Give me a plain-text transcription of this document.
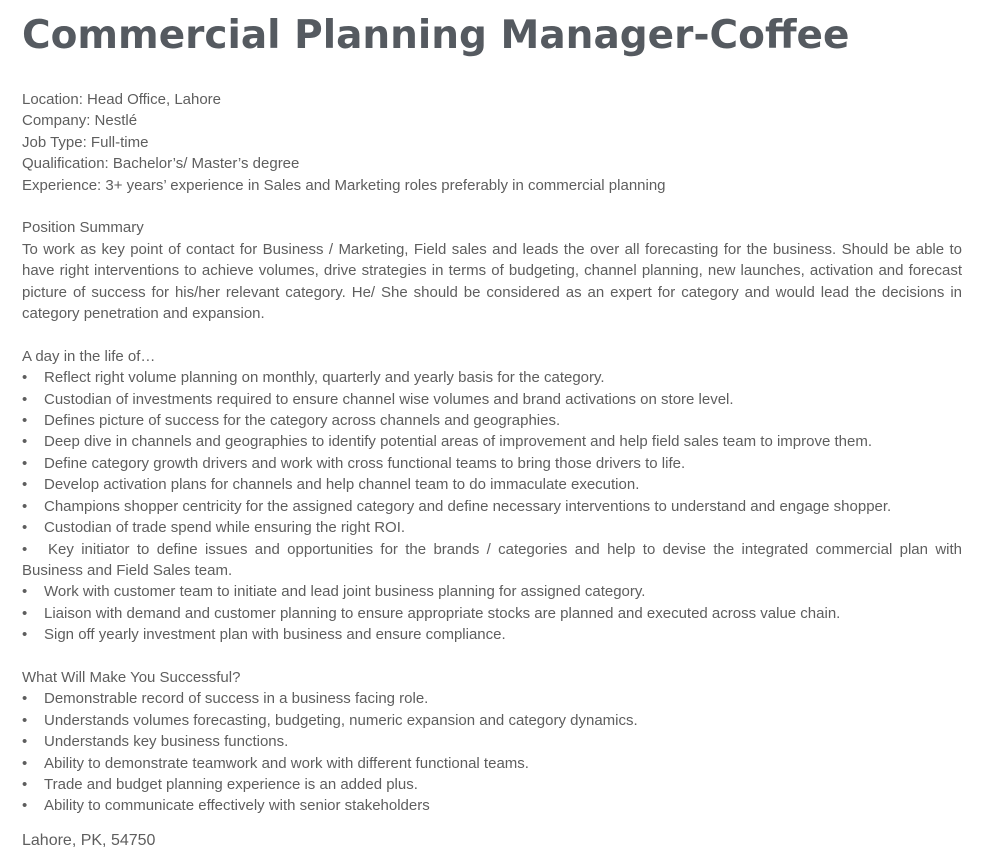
Commercial Planning Manager-Coffee
Location: Head Office, Lahore
Company: Nestlé
Job Type: Full-time
Qualification: Bachelor’s/ Master’s degree
Experience: 3+ years’ experience in Sales and Marketing roles preferably in commercial planning
Position Summary
To work as key point of contact for Business / Marketing, Field sales and leads the over all forecasting for the business. Should be able to have right interventions to achieve volumes, drive strategies in terms of budgeting, channel planning, new launches, activation and forecast picture of success for his/her relevant category. He/ She should be considered as an expert for category and would lead the decisions in category penetration and expansion.
A day in the life of…
•	Reflect right volume planning on monthly, quarterly and yearly basis for the category.
•	Custodian of investments required to ensure channel wise volumes and brand activations on store level.
•	Defines picture of success for the category across channels and geographies.
•	Deep dive in channels and geographies to identify potential areas of improvement and help field sales team to improve them.
•	Define category growth drivers and work with cross functional teams to bring those drivers to life.
•	Develop activation plans for channels and help channel team to do immaculate execution.
•	Champions shopper centricity for the assigned category and define necessary interventions to understand and engage shopper.
•	Custodian of trade spend while ensuring the right ROI.
• Key initiator to define issues and opportunities for the brands / categories and help to devise the integrated commercial plan with Business and Field Sales team.
•	Work with customer team to initiate and lead joint business planning for assigned category.
•	Liaison with demand and customer planning to ensure appropriate stocks are planned and executed across value chain.
•	Sign off yearly investment plan with business and ensure compliance.
What Will Make You Successful?
•	Demonstrable record of success in a business facing role.
•	Understands volumes forecasting, budgeting, numeric expansion and category dynamics.
•	Understands key business functions.
•	Ability to demonstrate teamwork and work with different functional teams.
•	Trade and budget planning experience is an added plus.
•	Ability to communicate effectively with senior stakeholders
Lahore, PK, 54750
